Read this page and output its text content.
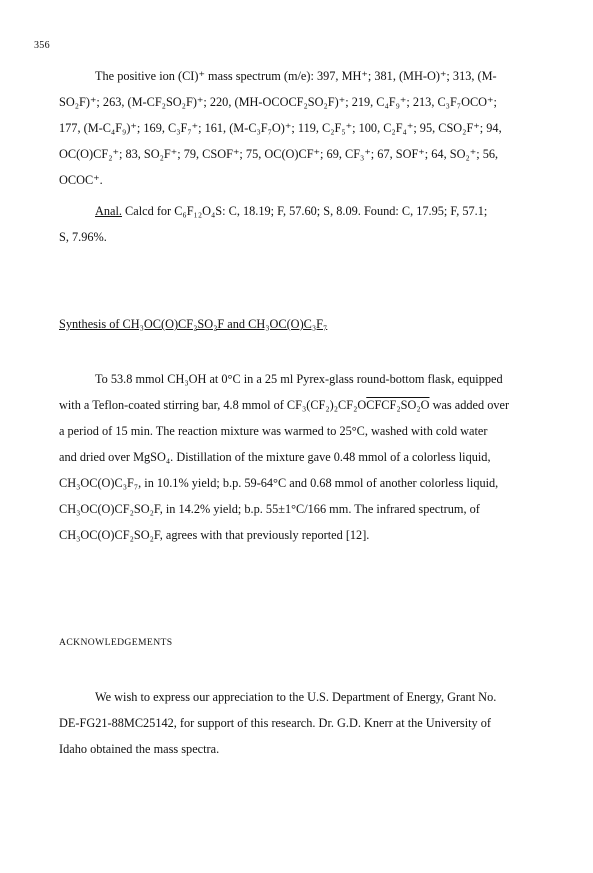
356
The positive ion (CI)⁺ mass spectrum (m/e): 397, MH⁺; 381, (MH-O)⁺; 313, (M-
SO₂F)⁺; 263, (M-CF₂SO₂F)⁺; 220, (MH-OCOCF₂SO₂F)⁺; 219, C₄F₉⁺; 213, C₃F₇OCO⁺;
177, (M-C₄F₉)⁺; 169, C₃F₇⁺; 161, (M-C₃F₇O)⁺; 119, C₂F₅⁺; 100, C₂F₄⁺; 95, CSO₂F⁺; 94,
OC(O)CF₂⁺; 83, SO₂F⁺; 79, CSOF⁺; 75, OC(O)CF⁺; 69, CF₃⁺; 67, SOF⁺; 64, SO₂⁺; 56,
OCOC⁺.
Anal. Calcd for C₆F₁₂O₄S: C, 18.19; F, 57.60; S, 8.09. Found: C, 17.95; F, 57.1;
S, 7.96%.
Synthesis of CH₃OC(O)CF₂SO₂F and CH₃OC(O)C₃F₇
To 53.8 mmol CH₃OH at 0°C in a 25 ml Pyrex-glass round-bottom flask, equipped
with a Teflon-coated stirring bar, 4.8 mmol of CF₃(CF₂)₂CF₂OCFCF₂SO₂O was added over
a period of 15 min. The reaction mixture was warmed to 25°C, washed with cold water
and dried over MgSO₄. Distillation of the mixture gave 0.48 mmol of a colorless liquid,
CH₃OC(O)C₃F₇, in 10.1% yield; b.p. 59-64°C and 0.68 mmol of another colorless liquid,
CH₃OC(O)CF₂SO₂F, in 14.2% yield; b.p. 55±1°C/166 mm. The infrared spectrum, of
CH₃OC(O)CF₂SO₂F, agrees with that previously reported [12].
ACKNOWLEDGEMENTS
We wish to express our appreciation to the U.S. Department of Energy, Grant No.
DE-FG21-88MC25142, for support of this research. Dr. G.D. Knerr at the University of
Idaho obtained the mass spectra.
